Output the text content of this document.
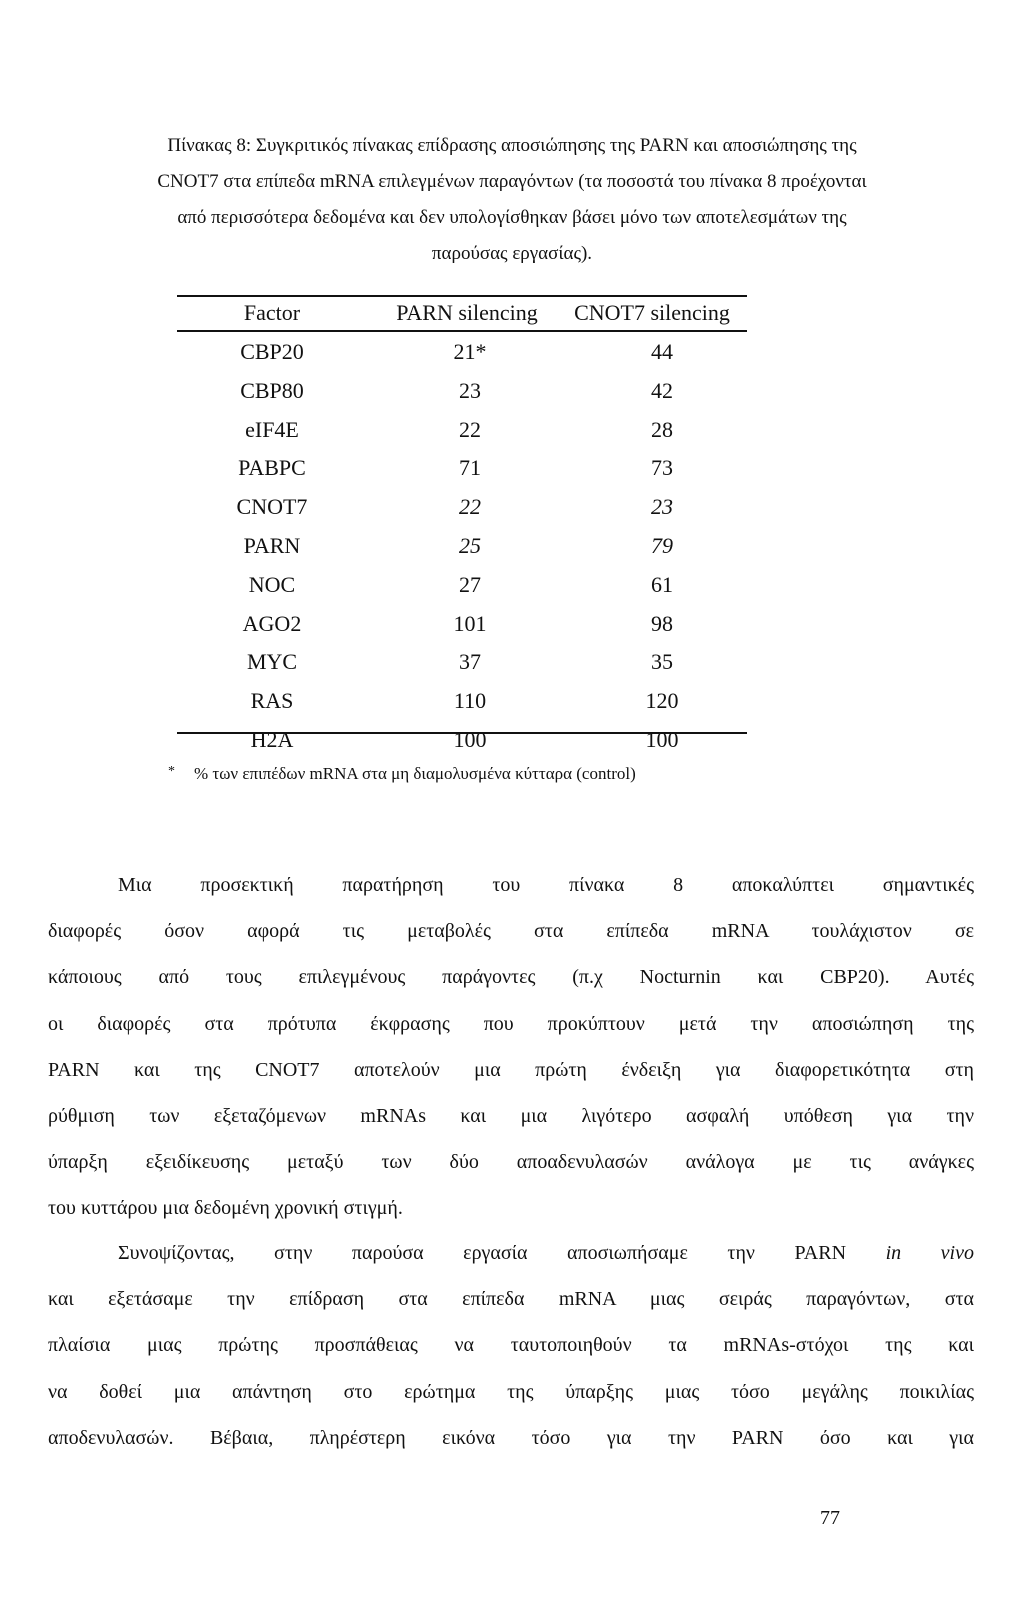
Πίνακας 8: Συγκριτικός πίνακας επίδρασης αποσιώπησης της PARN και αποσιώπησης της
CNOT7 στα επίπεδα mRNA επιλεγμένων παραγόντων (τα ποσοστά του πίνακα 8 προέχονται
από περισσότερα δεδομένα και δεν υπολογίσθηκαν βάσει μόνο των αποτελεσμάτων της
παρούσας εργασίας).
Factor	PARN silencing	CNOT7 silencing
CBP20	21*	44
CBP80	23	42
eIF4E	22	28
PABPC	71	73
CNOT7	22	23
PARN	25	79
NOC	27	61
AGO2	101	98
MYC	37	35
RAS	110	120
H2A	100	100
* % των επιπέδων mRNA στα μη διαμολυσμένα κύτταρα (control)
Μια προσεκτική παρατήρηση του πίνακα 8 αποκαλύπτει σημαντικές
διαφορές όσον αφορά τις μεταβολές στα επίπεδα mRNA τουλάχιστον σε
κάποιους από τους επιλεγμένους παράγοντες (π.χ Nocturnin και CBP20). Αυτές
οι διαφορές στα πρότυπα έκφρασης που προκύπτουν μετά την αποσιώπηση της
PARN και της CNOT7 αποτελούν μια πρώτη ένδειξη για διαφορετικότητα στη
ρύθμιση των εξεταζόμενων mRNAs και μια λιγότερο ασφαλή υπόθεση για την
ύπαρξη εξειδίκευσης μεταξύ των δύο αποαδενυλασών ανάλογα με τις ανάγκες
του κυττάρου μια δεδομένη χρονική στιγμή.
Συνοψίζοντας, στην παρούσα εργασία αποσιωπήσαμε την PARN in vivo
και εξετάσαμε την επίδραση στα επίπεδα mRNA μιας σειράς παραγόντων, στα
πλαίσια μιας πρώτης προσπάθειας να ταυτοποιηθούν τα mRNAs-στόχοι της και
να δοθεί μια απάντηση στο ερώτημα της ύπαρξης μιας τόσο μεγάλης ποικιλίας
αποδενυλασών. Βέβαια, πληρέστερη εικόνα τόσο για την PARN όσο και για
77
